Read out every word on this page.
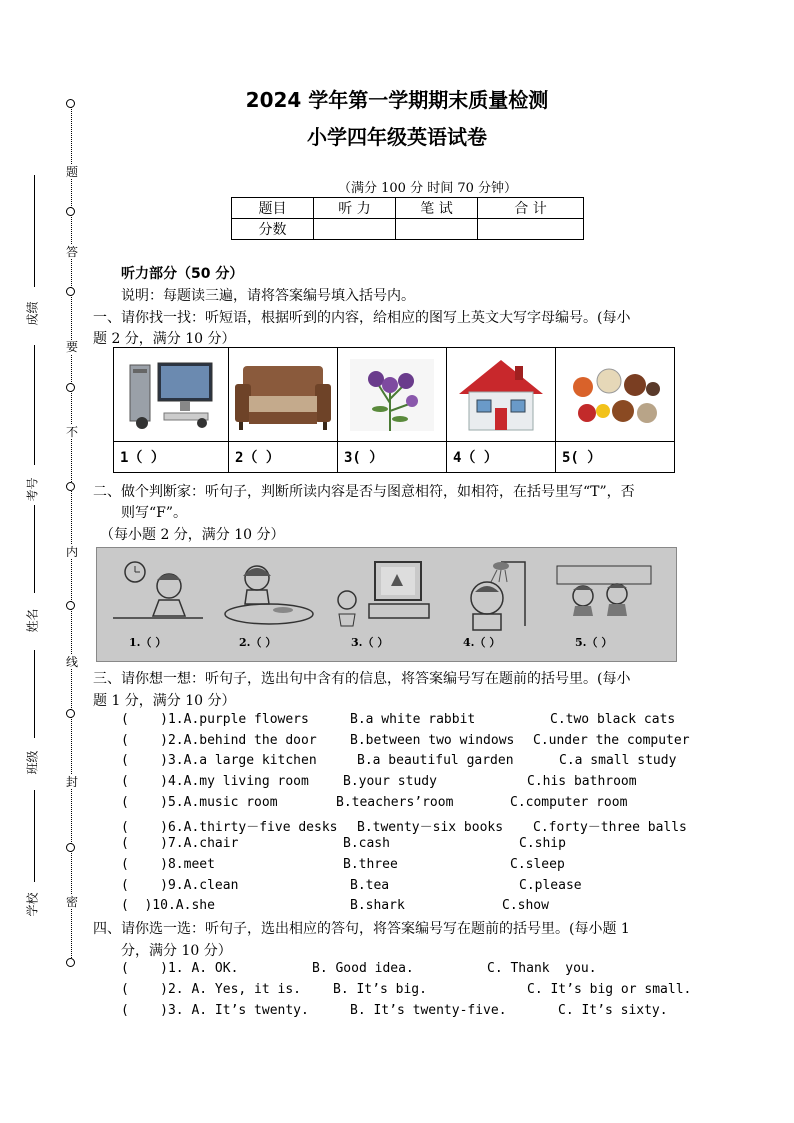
题
答
要
不
内
线
封
密
成绩
考号
姓名
班级
学校
2024 学年第一学期期末质量检测
小学四年级英语试卷
（满分 100 分 时间 70 分钟）
题目	听 力	笔 试	合 计
分数			
听力部分（50 分）
说明：每题读三遍，请将答案编号填入括号内。
一、请你找一找：听短语，根据听到的内容，给相应的图写上英文大写字母编号。(每小
题 2 分，满分 10 分）

1（ ）	2（ ）	3( ）	4（ ）	5( ）
二、做个判断家：听句子，判断所读内容是否与图意相符，如相符，在括号里写“T”，否
则写“F”。
（每小题 2 分，满分 10 分）
1.（ ）	2.（ ）	3.（ ）	4.（ ）	5.（ ）
三、请你想一想：听句子，选出句中含有的信息，将答案编号写在题前的括号里。(每小
题 1 分，满分 10 分）
(    )1.A.purple flowers	B.a white rabbit	C.two black cats
(    )2.A.behind the door	B.between two windows C.under the computer
(    )3.A.a large kitchen	B.a beautiful garden	C.a small study
(    )4.A.my living room	B.your study	C.his bathroom
(    )5.A.music room	B.teachers’room	C.computer room
(    )6.A.thirty－five desks B.twenty－six books C.forty－three balls
(    )7.A.chair	B.cash	C.ship
(    )8.meet	B.three	C.sleep
(    )9.A.clean	B.tea	C.please
(  )10.A.she	B.shark	C.show
四、请你选一选：听句子，选出相应的答句，将答案编号写在题前的括号里。(每小题 1
分，满分 10 分）
(    )1. A. OK.	B. Good idea.	C. Thank  you.
(    )2. A. Yes, it is. B. It’s big.	C. It’s big or small.
(    )3. A. It’s twenty.	B. It’s twenty-five.	C. It’s sixty.
